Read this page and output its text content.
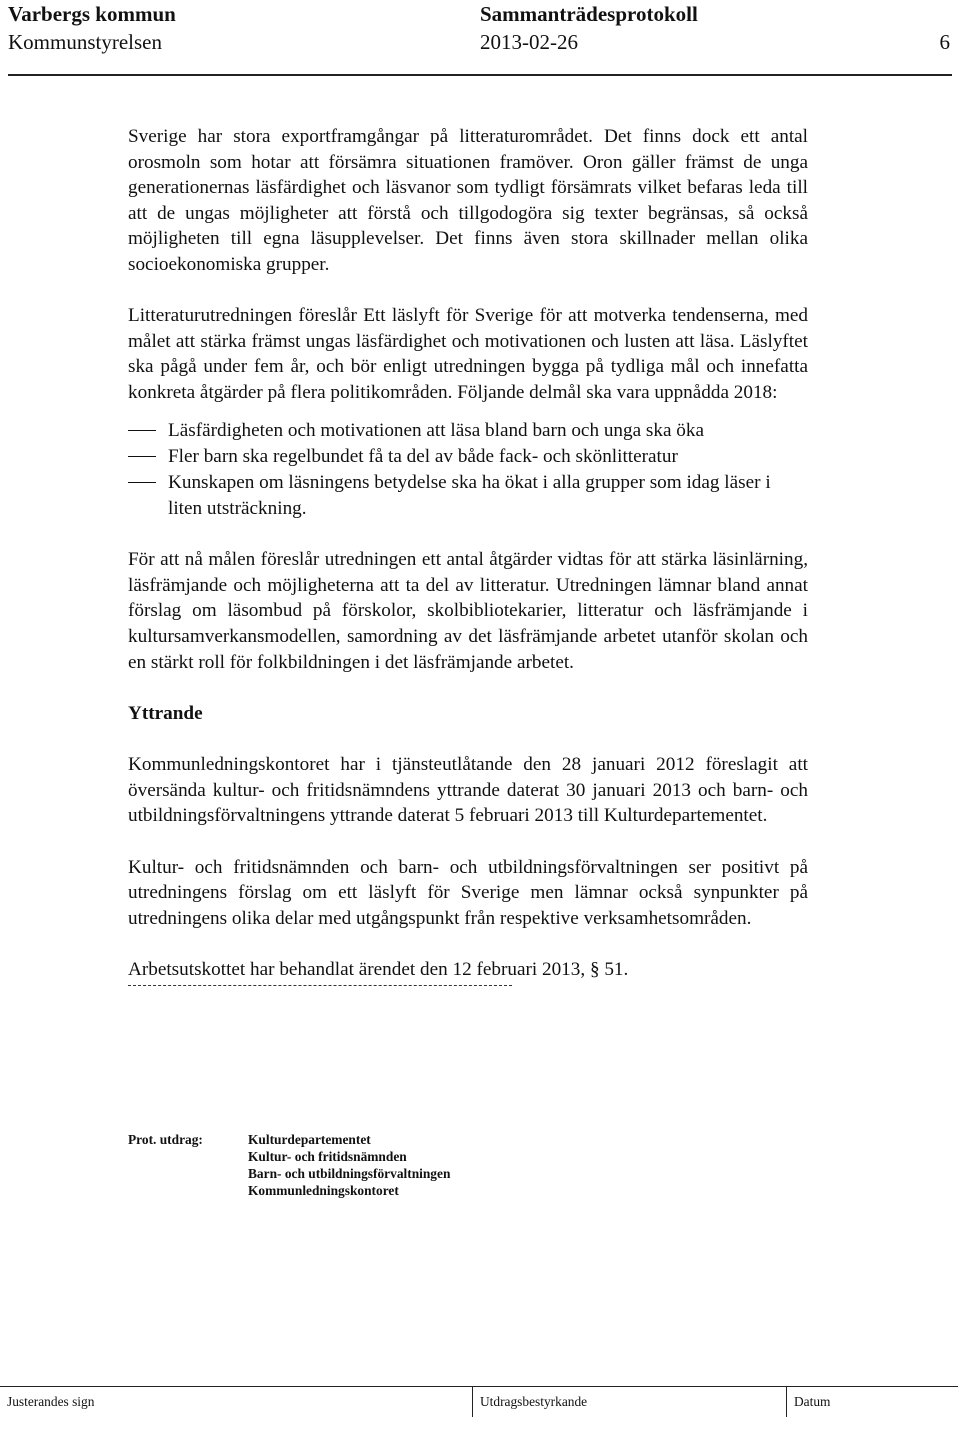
Varbergs kommun	Sammanträdesprotokoll
Kommunstyrelsen	2013-02-26	6

Sverige har stora exportframgångar på litteraturområdet. Det finns dock ett antal orosmoln som hotar att försämra situationen framöver. Oron gäller främst de unga generationernas läsfärdighet och läsvanor som tydligt försämrats vilket befaras leda till att de ungas möjligheter att förstå och tillgodogöra sig texter begränsas, så också möjligheten till egna läsupplevelser. Det finns även stora skillnader mellan olika socioekonomiska grupper.

Litteraturutredningen föreslår Ett läslyft för Sverige för att motverka tendenserna, med målet att stärka främst ungas läsfärdighet och motivationen och lusten att läsa. Läslyftet ska pågå under fem år, och bör enligt utredningen bygga på tydliga mål och innefatta konkreta åtgärder på flera politikområden. Följande delmål ska vara uppnådda 2018:

Läsfärdigheten och motivationen att läsa bland barn och unga ska öka
Fler barn ska regelbundet få ta del av både fack- och skönlitteratur
Kunskapen om läsningens betydelse ska ha ökat i alla grupper som idag läser i liten utsträckning.

För att nå målen föreslår utredningen ett antal åtgärder vidtas för att stärka läsinlärning, läsfrämjande och möjligheterna att ta del av litteratur. Utredningen lämnar bland annat förslag om läsombud på förskolor, skolbibliotekarier, litteratur och läsfrämjande i kultursamverkansmodellen, samordning av det läsfrämjande arbetet utanför skolan och en stärkt roll för folkbildningen i det läsfrämjande arbetet.

Yttrande

Kommunledningskontoret har i tjänsteutlåtande den 28 januari 2012 föreslagit att översända kultur- och fritidsnämndens yttrande daterat 30 januari 2013 och barn- och utbildningsförvaltningens yttrande daterat 5 februari 2013 till Kulturdepartementet.

Kultur- och fritidsnämnden och barn- och utbildningsförvaltningen ser positivt på utredningens förslag om ett läslyft för Sverige men lämnar också synpunkter på utredningens olika delar med utgångspunkt från respektive verksamhetsområden.

Arbetsutskottet har behandlat ärendet den 12 februari 2013, § 51.

Prot. utdrag:	Kulturdepartementet
Kultur- och fritidsnämnden
Barn- och utbildningsförvaltningen
Kommunledningskontoret
Justerandes sign	Utdragsbestyrkande	Datum
